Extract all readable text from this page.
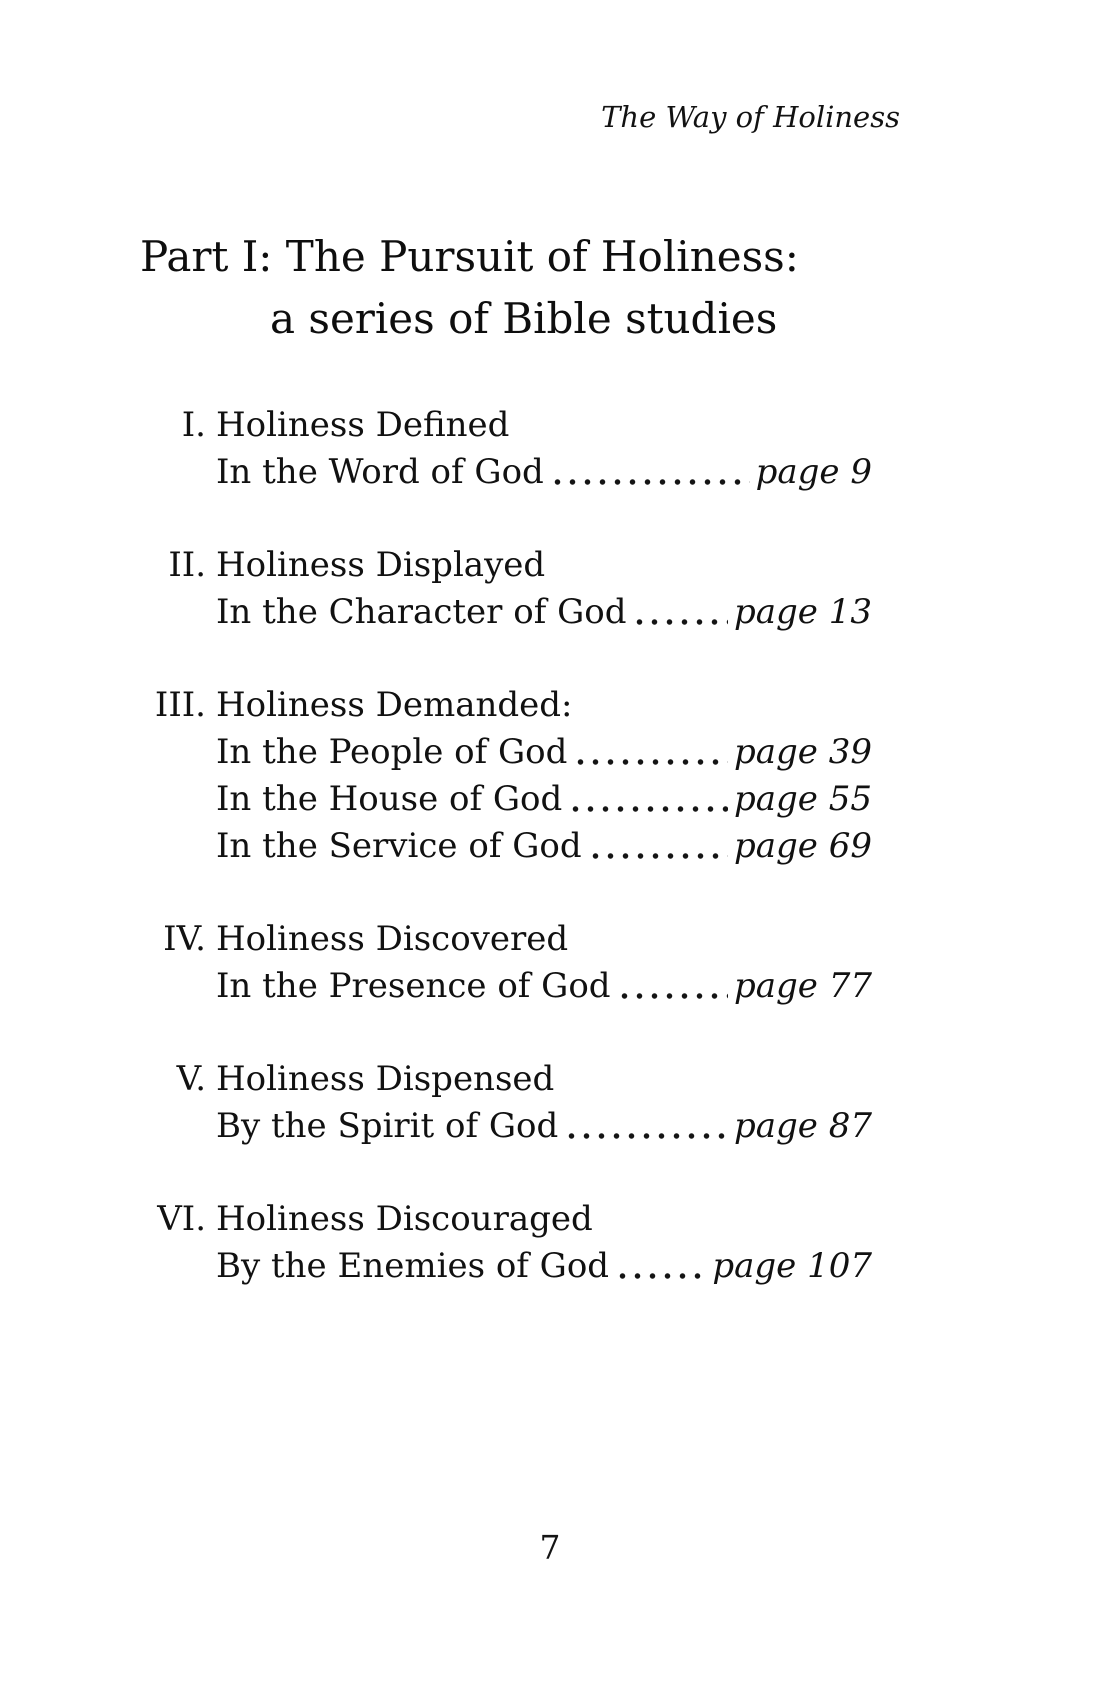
The Way of Holiness
Part I: The Pursuit of Holiness:
a series of Bible studies
I. Holiness Defined
In the Word of God	page 9
II. Holiness Displayed
In the Character of God	page 13
III. Holiness Demanded:
In the People of God	page 39
In the House of God	page 55
In the Service of God	page 69
IV. Holiness Discovered
In the Presence of God	page 77
V. Holiness Dispensed
By the Spirit of God	page 87
VI. Holiness Discouraged
By the Enemies of God	page 107
7
